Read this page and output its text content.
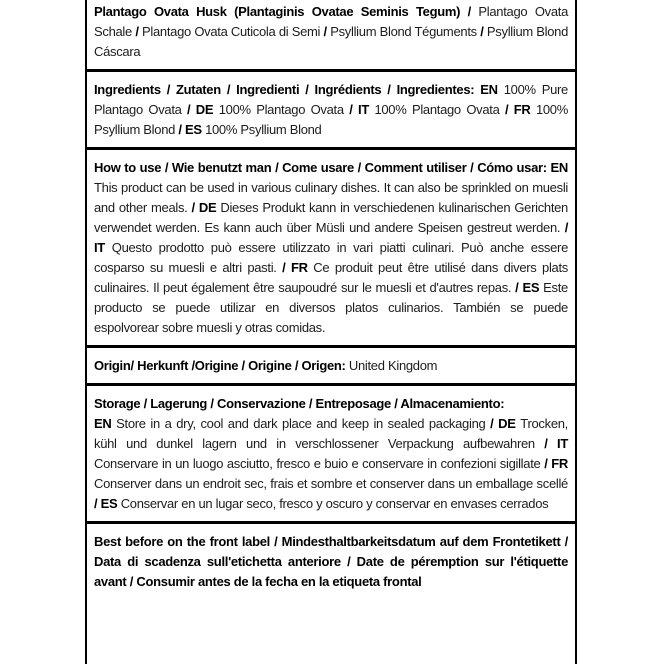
Plantago Ovata Husk (Plantaginis Ovatae Seminis Tegum) / Plantago Ovata Schale / Plantago Ovata Cuticola di Semi / Psyllium Blond Téguments / Psyllium Blond Cáscara

Ingredients / Zutaten / Ingredienti / Ingrédients / Ingredientes: EN 100% Pure Plantago Ovata / DE 100% Plantago Ovata / IT 100% Plantago Ovata / FR 100% Psyllium Blond / ES 100% Psyllium Blond

How to use / Wie benutzt man / Come usare / Comment utiliser / Cómo usar: EN This product can be used in various culinary dishes. It can also be sprinkled on muesli and other meals. / DE Dieses Produkt kann in verschiedenen kulinarischen Gerichten verwendet werden. Es kann auch über Müsli und andere Speisen gestreut werden. / IT Questo prodotto può essere utilizzato in vari piatti culinari. Può anche essere cosparso su muesli e altri pasti. / FR Ce produit peut être utilisé dans divers plats culinaires. Il peut également être saupoudré sur le muesli et d'autres repas. / ES Este producto se puede utilizar en diversos platos culinarios. También se puede espolvorear sobre muesli y otras comidas.

Origin/ Herkunft /Origine / Origine / Origen: United Kingdom

Storage / Lagerung / Conservazione / Entreposage / Almacenamiento:
EN Store in a dry, cool and dark place and keep in sealed packaging / DE Trocken, kühl und dunkel lagern und in verschlossener Verpackung aufbewahren / IT Conservare in un luogo asciutto, fresco e buio e conservare in confezioni sigillate / FR Conserver dans un endroit sec, frais et sombre et conserver dans un emballage scellé / ES Conservar en un lugar seco, fresco y oscuro y conservar en envases cerrados

Best before on the front label / Mindesthaltbarkeitsdatum auf dem Frontetikett / Data di scadenza sull'etichetta anteriore / Date de péremption sur l'étiquette avant / Consumir antes de la fecha en la etiqueta frontal
